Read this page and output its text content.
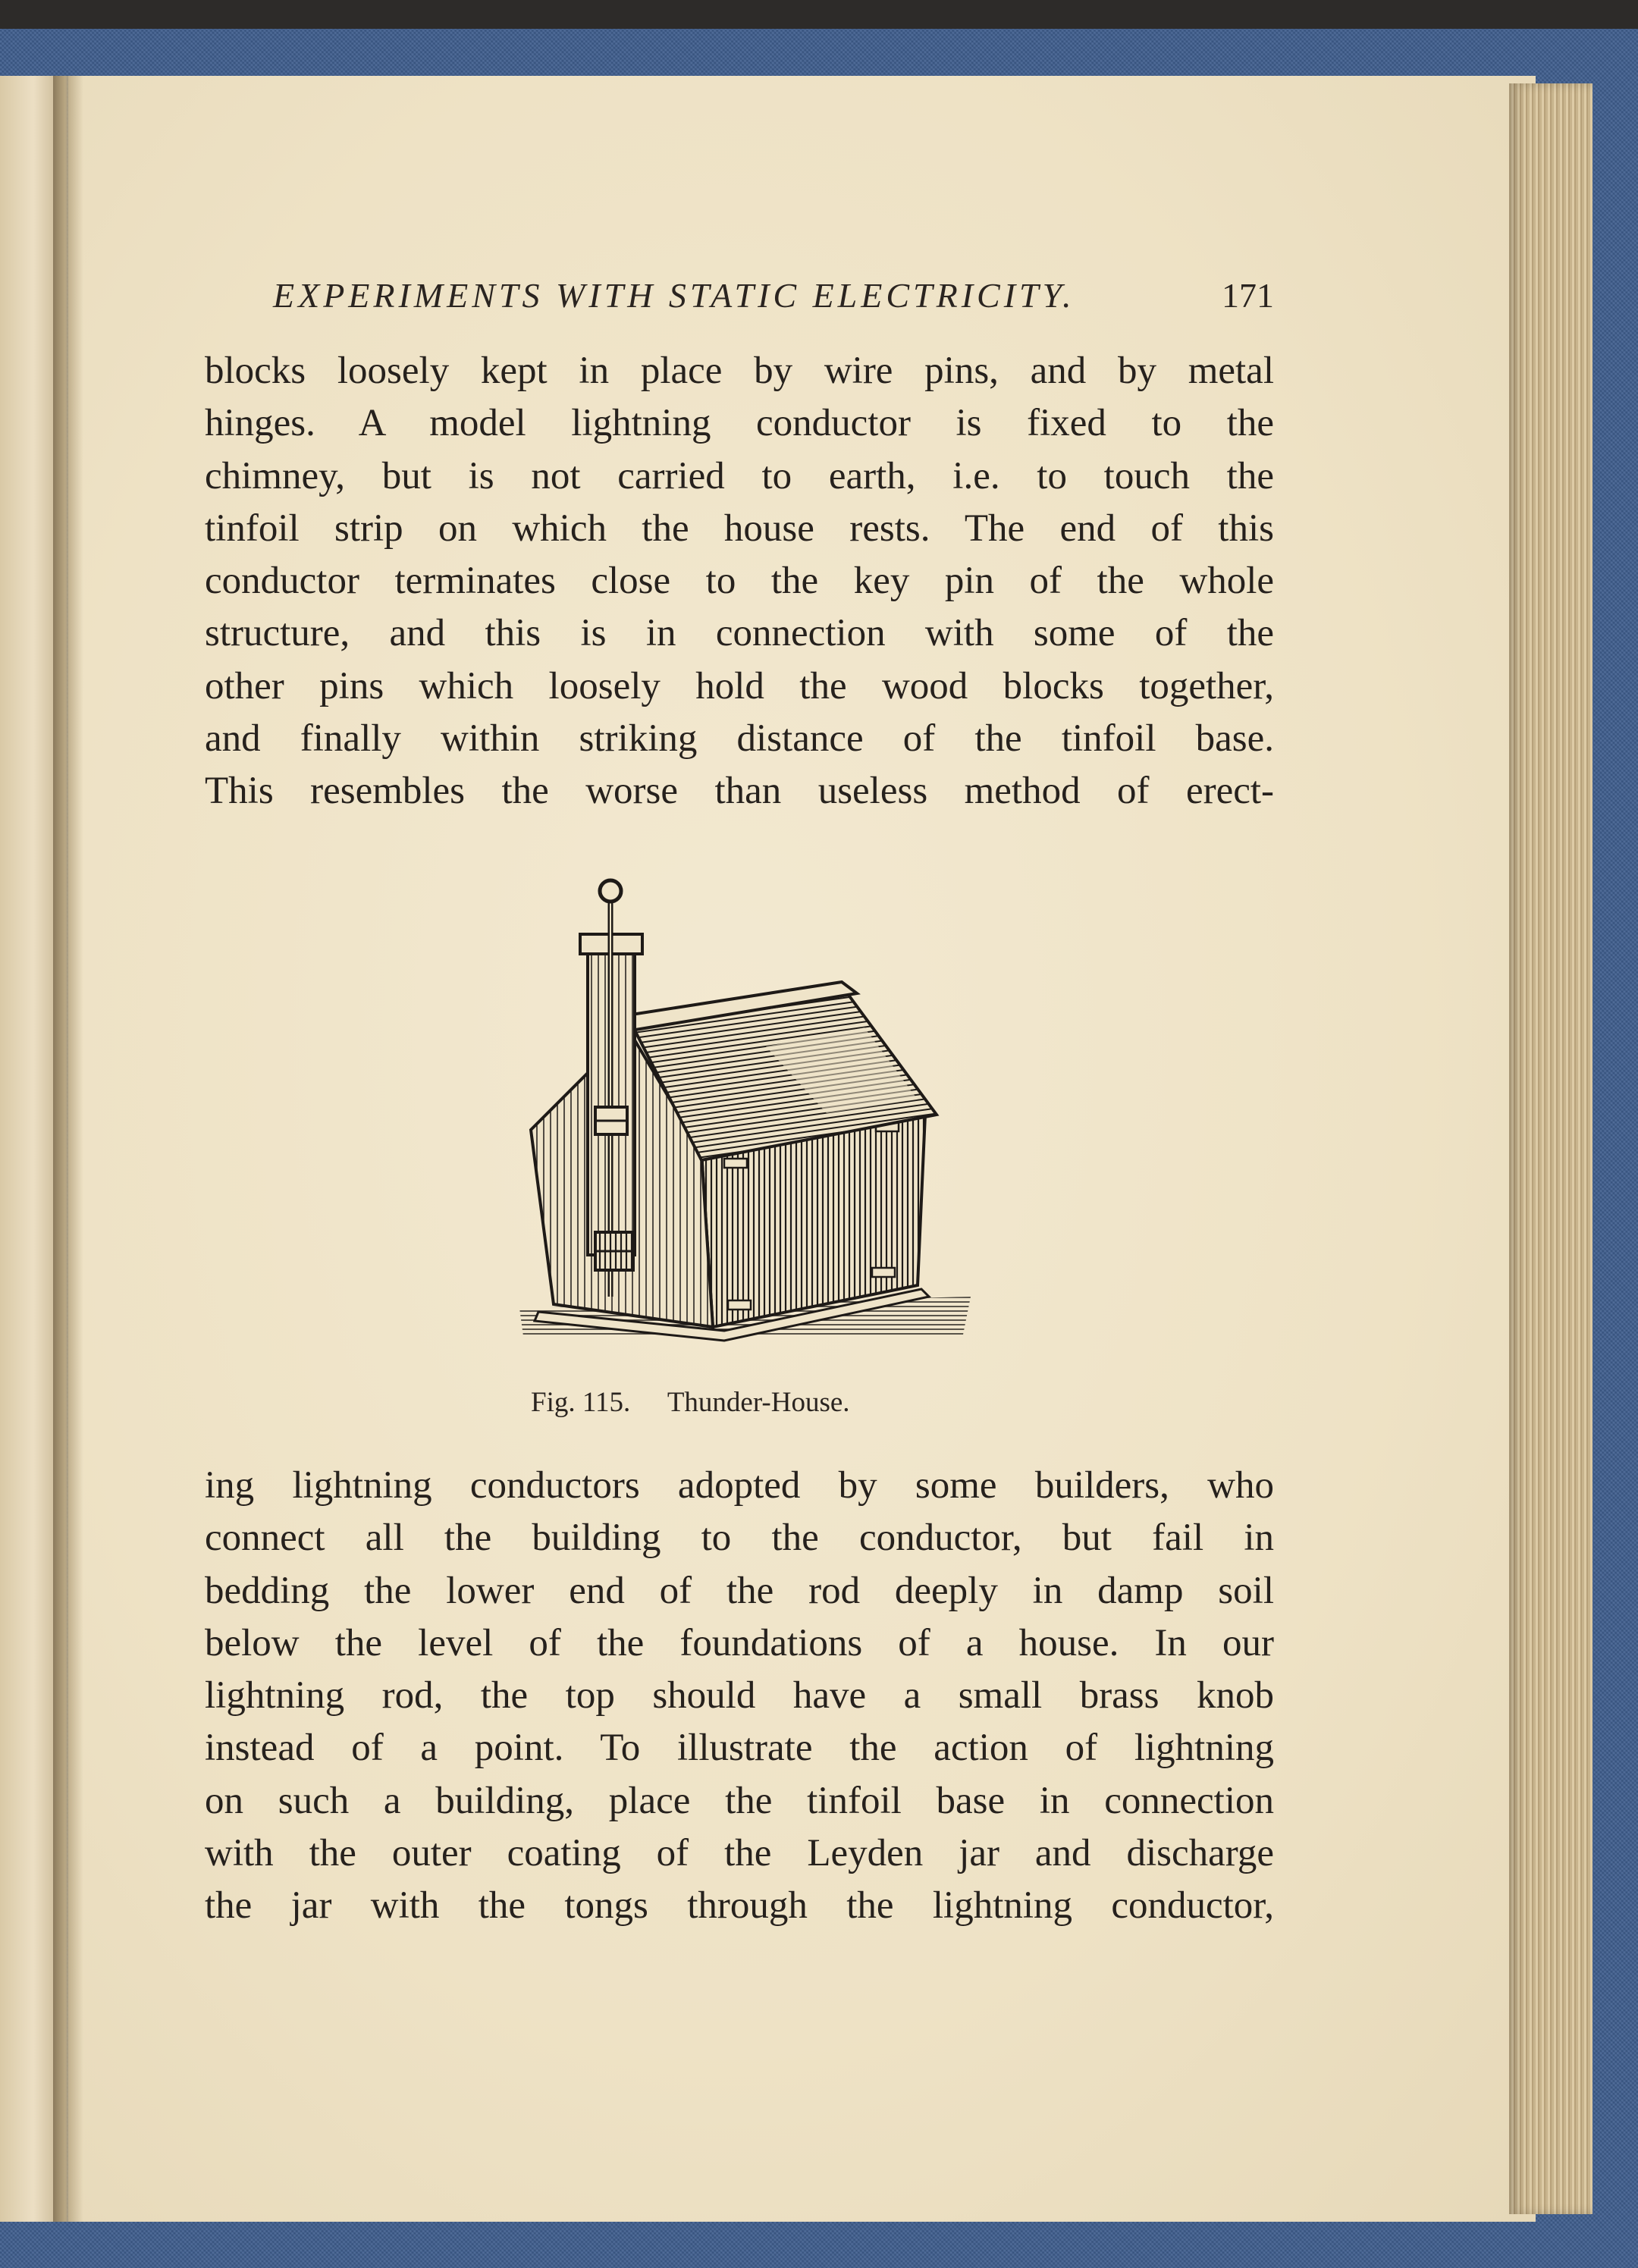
EXPERIMENTS WITH STATIC ELECTRICITY.	171

blocks loosely kept in place by wire pins, and by metal
hinges. A model lightning conductor is fixed to the
chimney, but is not carried to earth, i.e. to touch the
tinfoil strip on which the house rests. The end of this
conductor terminates close to the key pin of the whole
structure, and this is in connection with some of the
other pins which loosely hold the wood blocks together,
and finally within striking distance of the tinfoil base.
This resembles the worse than useless method of erect-

Fig. 115. Thunder-House.

ing lightning conductors adopted by some builders, who
connect all the building to the conductor, but fail in
bedding the lower end of the rod deeply in damp soil
below the level of the foundations of a house. In our
lightning rod, the top should have a small brass knob
instead of a point. To illustrate the action of lightning
on such a building, place the tinfoil base in connection
with the outer coating of the Leyden jar and discharge
the jar with the tongs through the lightning conductor,
